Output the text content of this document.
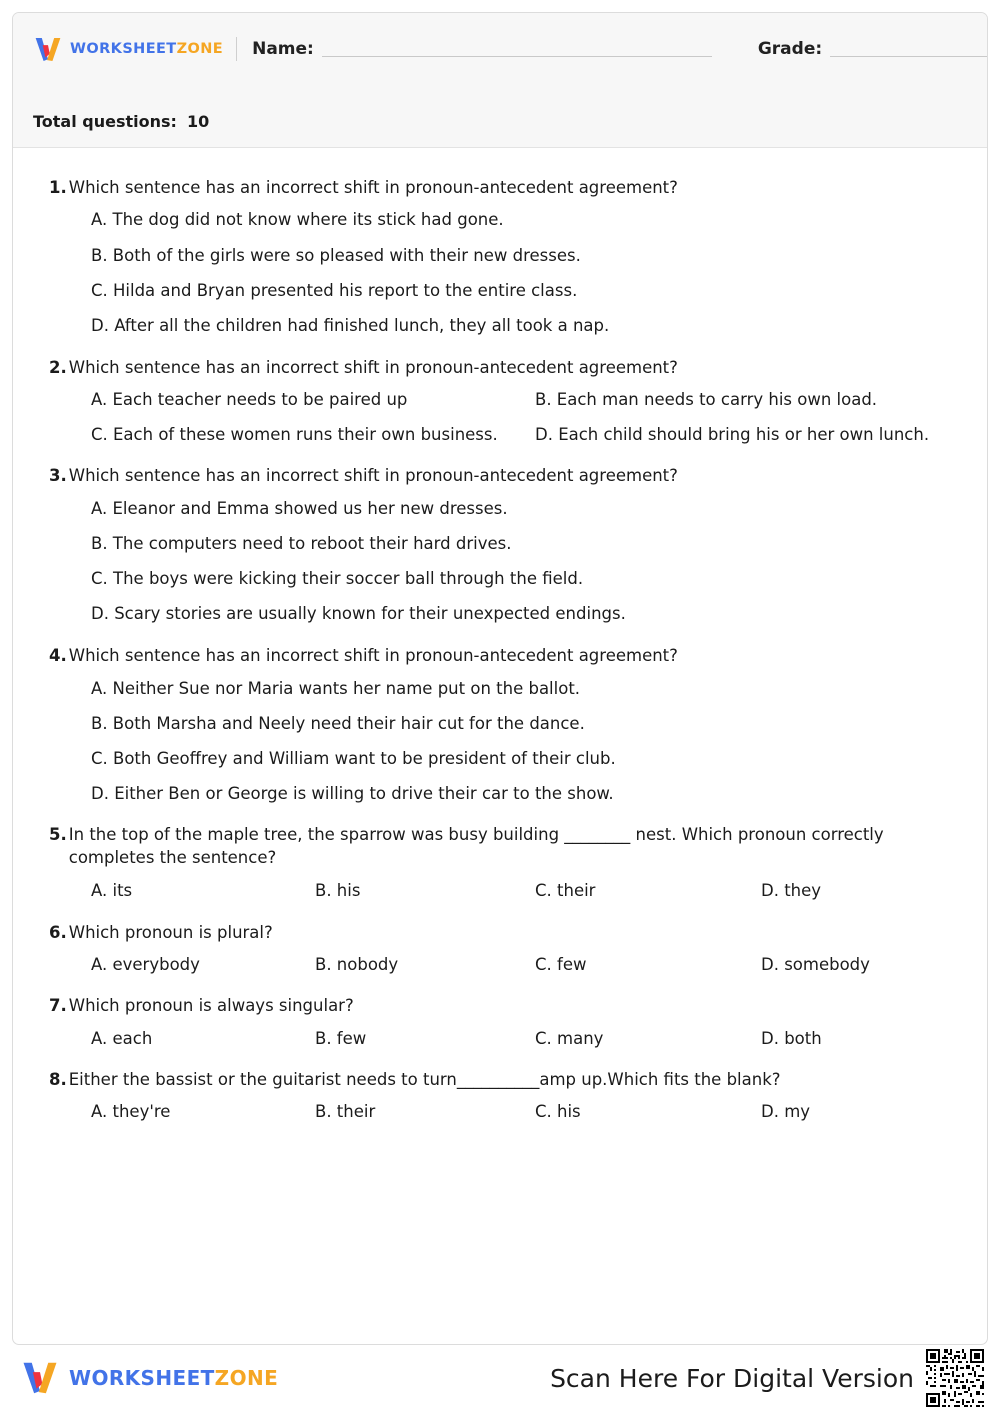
WORKSHEETZONE Name:	Grade:
Total questions: 10
1. Which sentence has an incorrect shift in pronoun-antecedent agreement?
A. The dog did not know where its stick had gone.
B. Both of the girls were so pleased with their new dresses.
C. Hilda and Bryan presented his report to the entire class.
D. After all the children had finished lunch, they all took a nap.
2. Which sentence has an incorrect shift in pronoun-antecedent agreement?
A. Each teacher needs to be paired up	B. Each man needs to carry his own load.
C. Each of these women runs their own business.	D. Each child should bring his or her own lunch.
3. Which sentence has an incorrect shift in pronoun-antecedent agreement?
A. Eleanor and Emma showed us her new dresses.
B. The computers need to reboot their hard drives.
C. The boys were kicking their soccer ball through the field.
D. Scary stories are usually known for their unexpected endings.
4. Which sentence has an incorrect shift in pronoun-antecedent agreement?
A. Neither Sue nor Maria wants her name put on the ballot.
B. Both Marsha and Neely need their hair cut for the dance.
C. Both Geoffrey and William want to be president of their club.
D. Either Ben or George is willing to drive their car to the show.
5. In the top of the maple tree, the sparrow was busy building ________ nest. Which pronoun correctly completes the sentence?
A. its	B. his	C. their	D. they
6. Which pronoun is plural?
A. everybody	B. nobody	C. few	D. somebody
7. Which pronoun is always singular?
A. each	B. few	C. many	D. both
8. Either the bassist or the guitarist needs to turn__________amp up.Which fits the blank?
A. they're	B. their	C. his	D. my
WORKSHEETZONE	Scan Here For Digital Version
